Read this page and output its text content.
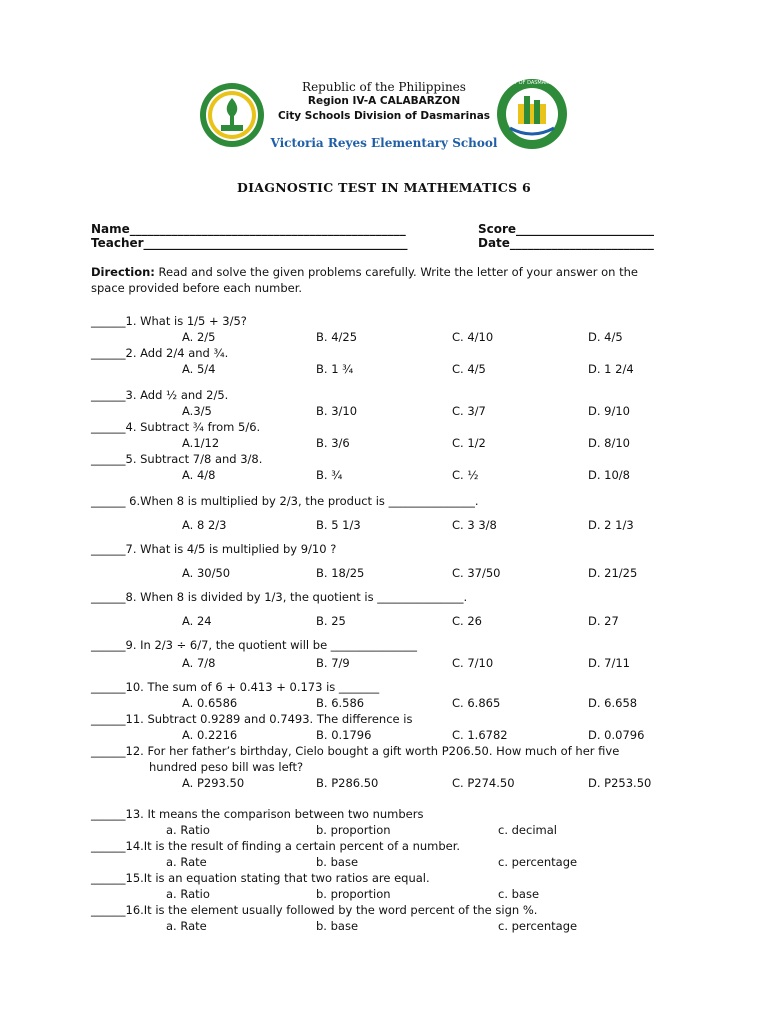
CITY OF DASMARIÑAS
Republic of the Philippines
Region IV-A CALABARZON
City Schools Division of Dasmarinas
Victoria Reyes Elementary School
DIAGNOSTIC TEST IN MATHEMATICS 6
Name______________________________________________	Score_______________________
Teacher____________________________________________	Date________________________
Direction: Read and solve the given problems carefully. Write the letter of your answer on the
space provided before each number.
______1. What is 1/5 + 3/5?
A. 2/5	B. 4/25	C. 4/10	D. 4/5
______2. Add 2/4 and ¾.
A. 5/4	B. 1 ¾	C. 4/5	D. 1 2/4
______3. Add ½ and 2/5.
A.3/5	B. 3/10	C. 3/7	D. 9/10
______4. Subtract ¾ from 5/6.
A.1/12	B. 3/6	C. 1/2	D. 8/10
______5. Subtract 7/8 and 3/8.
A. 4/8	B. ¾	C. ½	D. 10/8
______ 6.When 8 is multiplied by 2/3, the product is _______________.
A. 8 2/3	B. 5 1/3	C. 3 3/8	D. 2 1/3
______7. What is 4/5 is multiplied by 9/10 ?
A. 30/50	B. 18/25	C. 37/50	D. 21/25
______8. When 8 is divided by 1/3, the quotient is _______________.
A. 24	B. 25	C. 26	D. 27
______9. In 2/3 ÷ 6/7, the quotient will be _______________
A. 7/8	B. 7/9	C. 7/10	D. 7/11
______10. The sum of 6 + 0.413 + 0.173 is _______
A. 0.6586	B. 6.586	C. 6.865	D. 6.658
______11. Subtract 0.9289 and 0.7493. The difference is
A. 0.2216	B. 0.1796	C. 1.6782	D. 0.0796
______12. For her father’s birthday, Cielo bought a gift worth P206.50. How much of her five
hundred peso bill was left?
A. P293.50	B. P286.50	C. P274.50	D. P253.50
______13. It means the comparison between two numbers
a. Ratio	b. proportion	c. decimal
______14.It is the result of finding a certain percent of a number.
a. Rate	b. base	c. percentage
______15.It is an equation stating that two ratios are equal.
a. Ratio	b. proportion	c. base
______16.It is the element usually followed by the word percent of the sign %.
a. Rate	b. base	c. percentage
